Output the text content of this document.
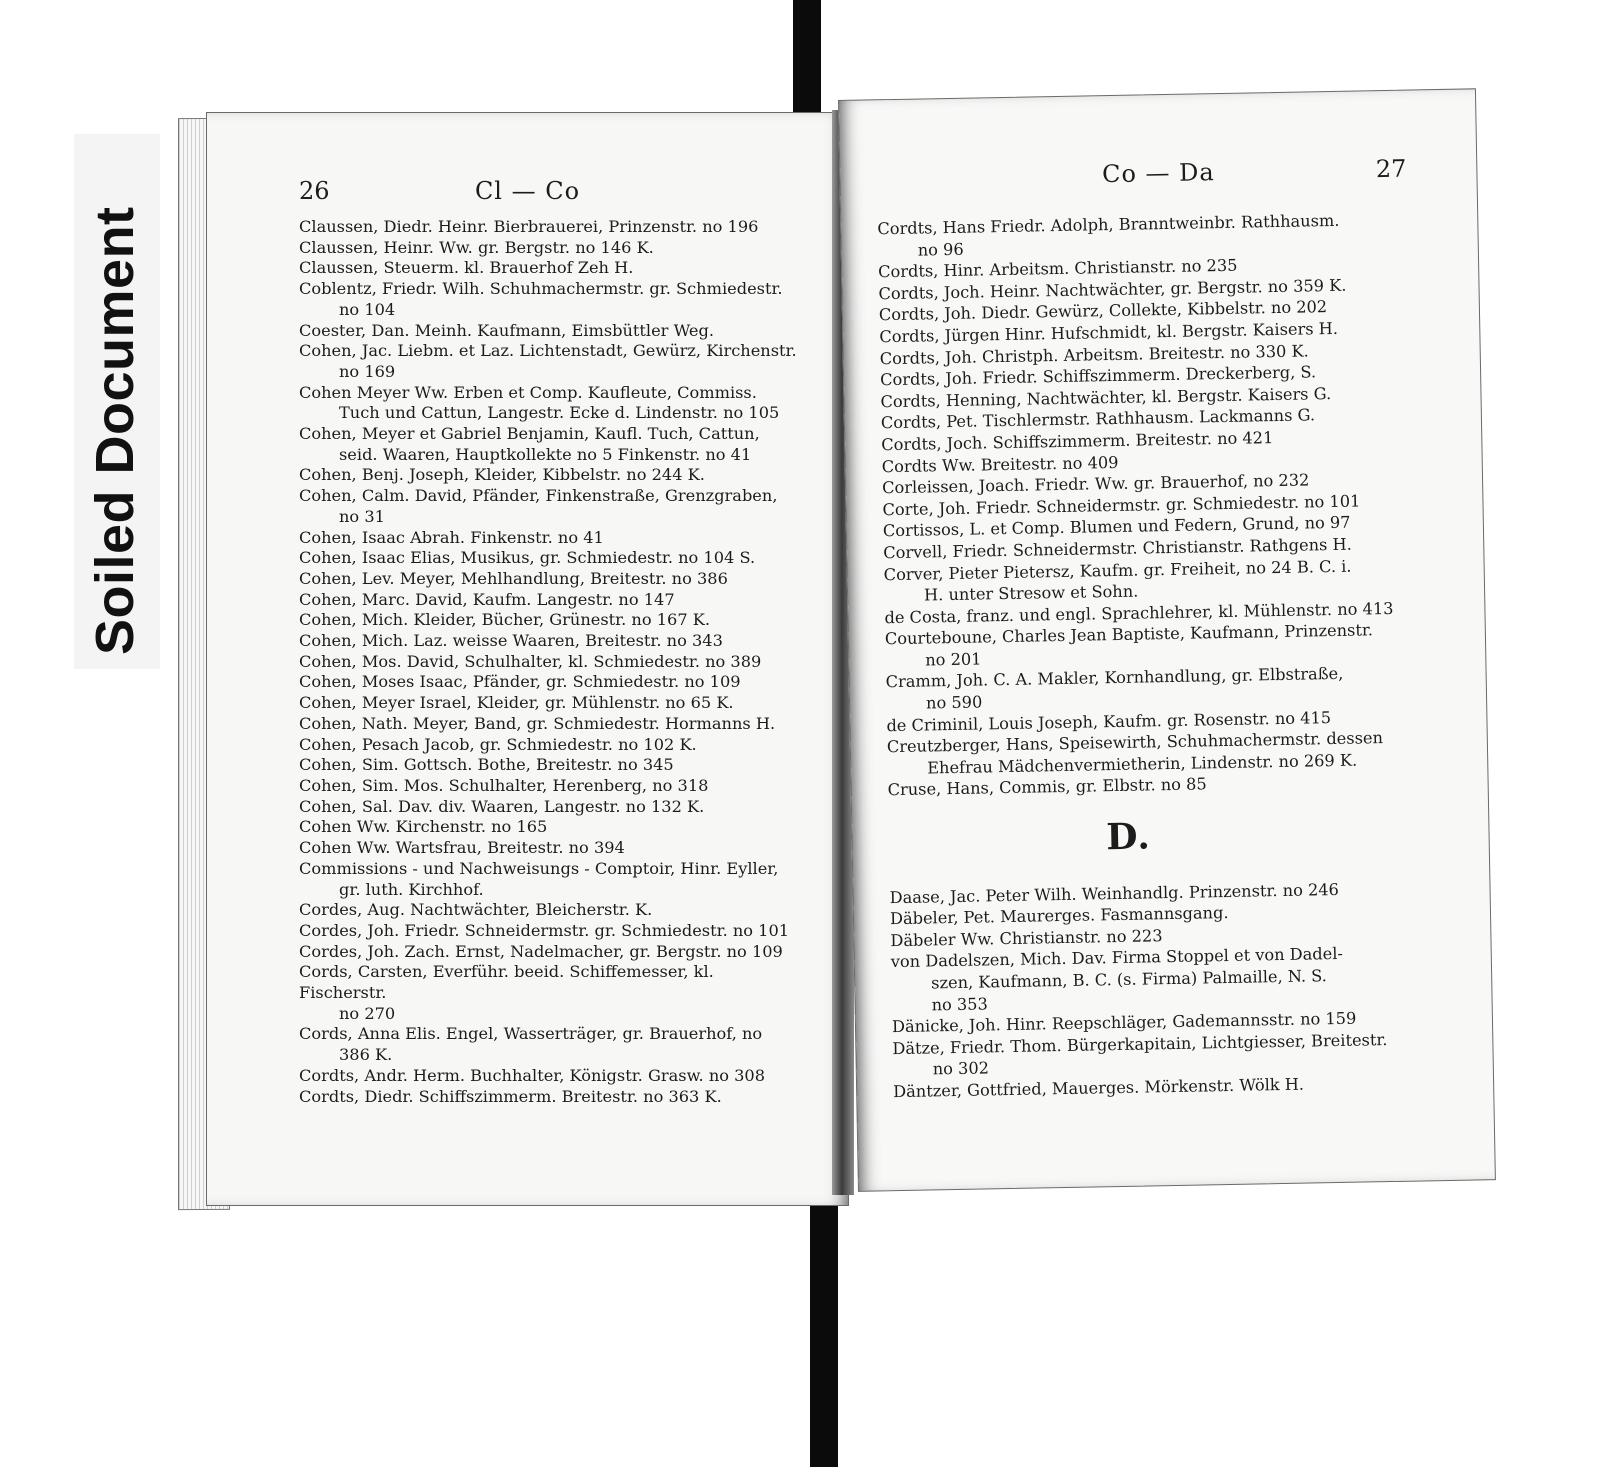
Soiled Document
26	Cl — Co
Claussen, Diedr. Heinr. Bierbrauerei, Prinzenstr. no 196
Claussen, Heinr. Ww. gr. Bergstr. no 146 K.
Claussen, Steuerm. kl. Brauerhof Zeh H.
Coblentz, Friedr. Wilh. Schuhmachermstr. gr. Schmiedestr.
no 104
Coester, Dan. Meinh. Kaufmann, Eimsbüttler Weg.
Cohen, Jac. Liebm. et Laz. Lichtenstadt, Gewürz, Kirchenstr.
no 169
Cohen Meyer Ww. Erben et Comp. Kaufleute, Commiss.
Tuch und Cattun, Langestr. Ecke d. Lindenstr. no 105
Cohen, Meyer et Gabriel Benjamin, Kaufl. Tuch, Cattun,
seid. Waaren, Hauptkollekte no 5 Finkenstr. no 41
Cohen, Benj. Joseph, Kleider, Kibbelstr. no 244 K.
Cohen, Calm. David, Pfänder, Finkenstraße, Grenzgraben,
no 31
Cohen, Isaac Abrah. Finkenstr. no 41
Cohen, Isaac Elias, Musikus, gr. Schmiedestr. no 104 S.
Cohen, Lev. Meyer, Mehlhandlung, Breitestr. no 386
Cohen, Marc. David, Kaufm. Langestr. no 147
Cohen, Mich. Kleider, Bücher, Grünestr. no 167 K.
Cohen, Mich. Laz. weisse Waaren, Breitestr. no 343
Cohen, Mos. David, Schulhalter, kl. Schmiedestr. no 389
Cohen, Moses Isaac, Pfänder, gr. Schmiedestr. no 109
Cohen, Meyer Israel, Kleider, gr. Mühlenstr. no 65 K.
Cohen, Nath. Meyer, Band, gr. Schmiedestr. Hormanns H.
Cohen, Pesach Jacob, gr. Schmiedestr. no 102 K.
Cohen, Sim. Gottsch. Bothe, Breitestr. no 345
Cohen, Sim. Mos. Schulhalter, Herenberg, no 318
Cohen, Sal. Dav. div. Waaren, Langestr. no 132 K.
Cohen Ww. Kirchenstr. no 165
Cohen Ww. Wartsfrau, Breitestr. no 394
Commissions - und Nachweisungs - Comptoir, Hinr. Eyller,
gr. luth. Kirchhof.
Cordes, Aug. Nachtwächter, Bleicherstr. K.
Cordes, Joh. Friedr. Schneidermstr. gr. Schmiedestr. no 101
Cordes, Joh. Zach. Ernst, Nadelmacher, gr. Bergstr. no 109
Cords, Carsten, Everführ. beeid. Schiffemesser, kl. Fischerstr.
no 270
Cords, Anna Elis. Engel, Wasserträger, gr. Brauerhof, no
386 K.
Cordts, Andr. Herm. Buchhalter, Königstr. Grasw. no 308
Cordts, Diedr. Schiffszimmerm. Breitestr. no 363 K.
Co — Da	27
Cordts, Hans Friedr. Adolph, Branntweinbr. Rathhausm.
no 96
Cordts, Hinr. Arbeitsm. Christianstr. no 235
Cordts, Joch. Heinr. Nachtwächter, gr. Bergstr. no 359 K.
Cordts, Joh. Diedr. Gewürz, Collekte, Kibbelstr. no 202
Cordts, Jürgen Hinr. Hufschmidt, kl. Bergstr. Kaisers H.
Cordts, Joh. Christph. Arbeitsm. Breitestr. no 330 K.
Cordts, Joh. Friedr. Schiffszimmerm. Dreckerberg, S.
Cordts, Henning, Nachtwächter, kl. Bergstr. Kaisers G.
Cordts, Pet. Tischlermstr. Rathhausm. Lackmanns G.
Cordts, Joch. Schiffszimmerm. Breitestr. no 421
Cordts Ww. Breitestr. no 409
Corleissen, Joach. Friedr. Ww. gr. Brauerhof, no 232
Corte, Joh. Friedr. Schneidermstr. gr. Schmiedestr. no 101
Cortissos, L. et Comp. Blumen und Federn, Grund, no 97
Corvell, Friedr. Schneidermstr. Christianstr. Rathgens H.
Corver, Pieter Pietersz, Kaufm. gr. Freiheit, no 24 B. C. i.
H. unter Stresow et Sohn.
de Costa, franz. und engl. Sprachlehrer, kl. Mühlenstr. no 413
Courteboune, Charles Jean Baptiste, Kaufmann, Prinzenstr.
no 201
Cramm, Joh. C. A. Makler, Kornhandlung, gr. Elbstraße,
no 590
de Criminil, Louis Joseph, Kaufm. gr. Rosenstr. no 415
Creutzberger, Hans, Speisewirth, Schuhmachermstr. dessen
Ehefrau Mädchenvermietherin, Lindenstr. no 269 K.
Cruse, Hans, Commis, gr. Elbstr. no 85
D.
Daase, Jac. Peter Wilh. Weinhandlg. Prinzenstr. no 246
Däbeler, Pet. Maurerges. Fasmannsgang.
Däbeler Ww. Christianstr. no 223
von Dadelszen, Mich. Dav. Firma Stoppel et von Dadel-
szen, Kaufmann, B. C. (s. Firma) Palmaille, N. S.
no 353
Dänicke, Joh. Hinr. Reepschläger, Gademannsstr. no 159
Dätze, Friedr. Thom. Bürgerkapitain, Lichtgiesser, Breitestr.
no 302
Däntzer, Gottfried, Mauerges. Mörkenstr. Wölk H.
